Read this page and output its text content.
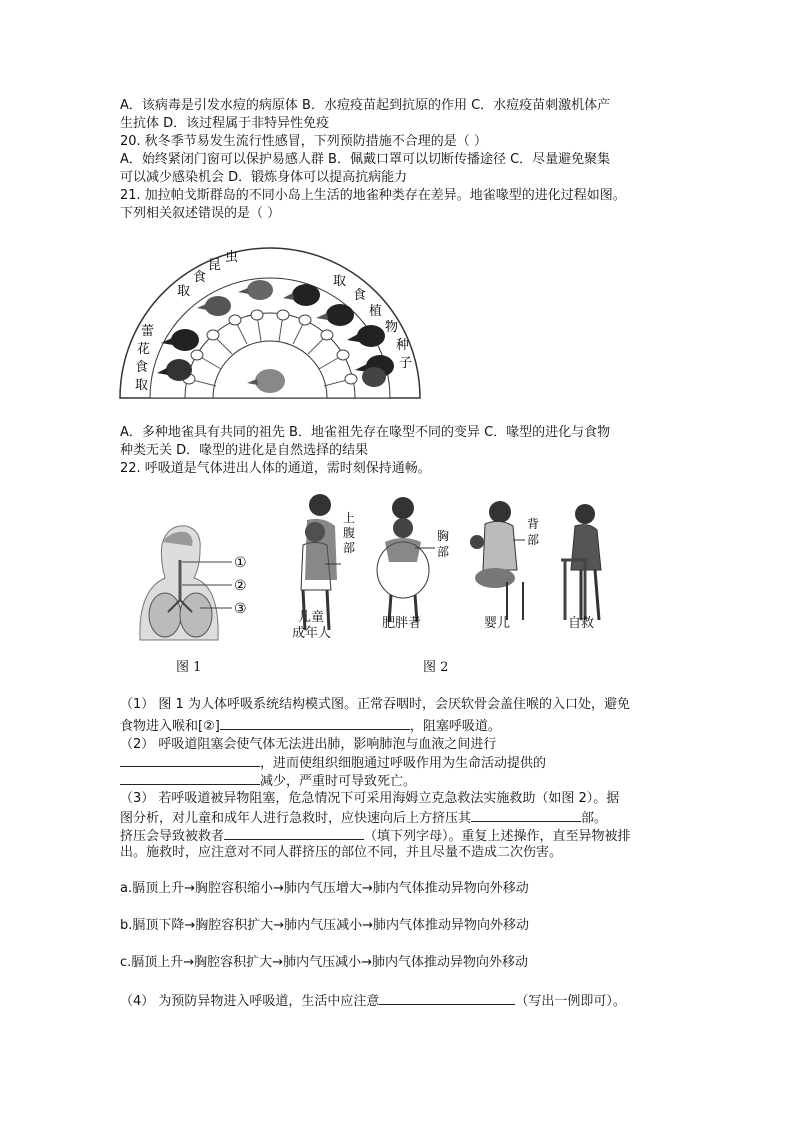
A．该病毒是引发水痘的病原体 B．水痘疫苗起到抗原的作用 C．水痘疫苗刺激机体产
生抗体 D．该过程属于非特异性免疫
20. 秋冬季节易发生流行性感冒，下列预防措施不合理的是（ ）
A．始终紧闭门窗可以保护易感人群 B．佩戴口罩可以切断传播途径 C．尽量避免聚集
可以减少感染机会 D．锻炼身体可以提高抗病能力
21. 加拉帕戈斯群岛的不同小岛上生活的地雀种类存在差异。地雀喙型的进化过程如图。
下列相关叙述错误的是（ ）
取
食
昆
虫
取
食
植
物
种
子
蕾
花
食
取
A．多种地雀具有共同的祖先 B．地雀祖先存在喙型不同的变异 C．喙型的进化与食物
种类无关 D．喙型的进化是自然选择的结果
22. 呼吸道是气体进出人体的通道，需时刻保持通畅。
①
②
③
图 1
上
腹
部
胸
部
背
部
儿童
成年人
肥胖者	婴儿	自救
图 2
（1） 图 1 为人体呼吸系统结构模式图。正常吞咽时，会厌软骨会盖住喉的入口处，避免
食物进入喉和[②]	，阻塞呼吸道。
（2） 呼吸道阻塞会使气体无法进出肺，影响肺泡与血液之间进行
，进而使组织细胞通过呼吸作用为生命活动提供的
减少，严重时可导致死亡。
（3） 若呼吸道被异物阻塞，危急情况下可采用海姆立克急救法实施救助（如图 2）。据
图分析，对儿童和成年人进行急救时，应快速向后上方挤压其	部。
挤压会导致被救者	（填下列字母）。重复上述操作，直至异物被排
出。施救时，应注意对不同人群挤压的部位不同，并且尽量不造成二次伤害。
a.膈顶上升→胸腔容积缩小→肺内气压增大→肺内气体推动异物向外移动
b.膈顶下降→胸腔容积扩大→肺内气压减小→肺内气体推动异物向外移动
c.膈顶上升→胸腔容积扩大→肺内气压减小→肺内气体推动异物向外移动
（4） 为预防异物进入呼吸道，生活中应注意	（写出一例即可）。
